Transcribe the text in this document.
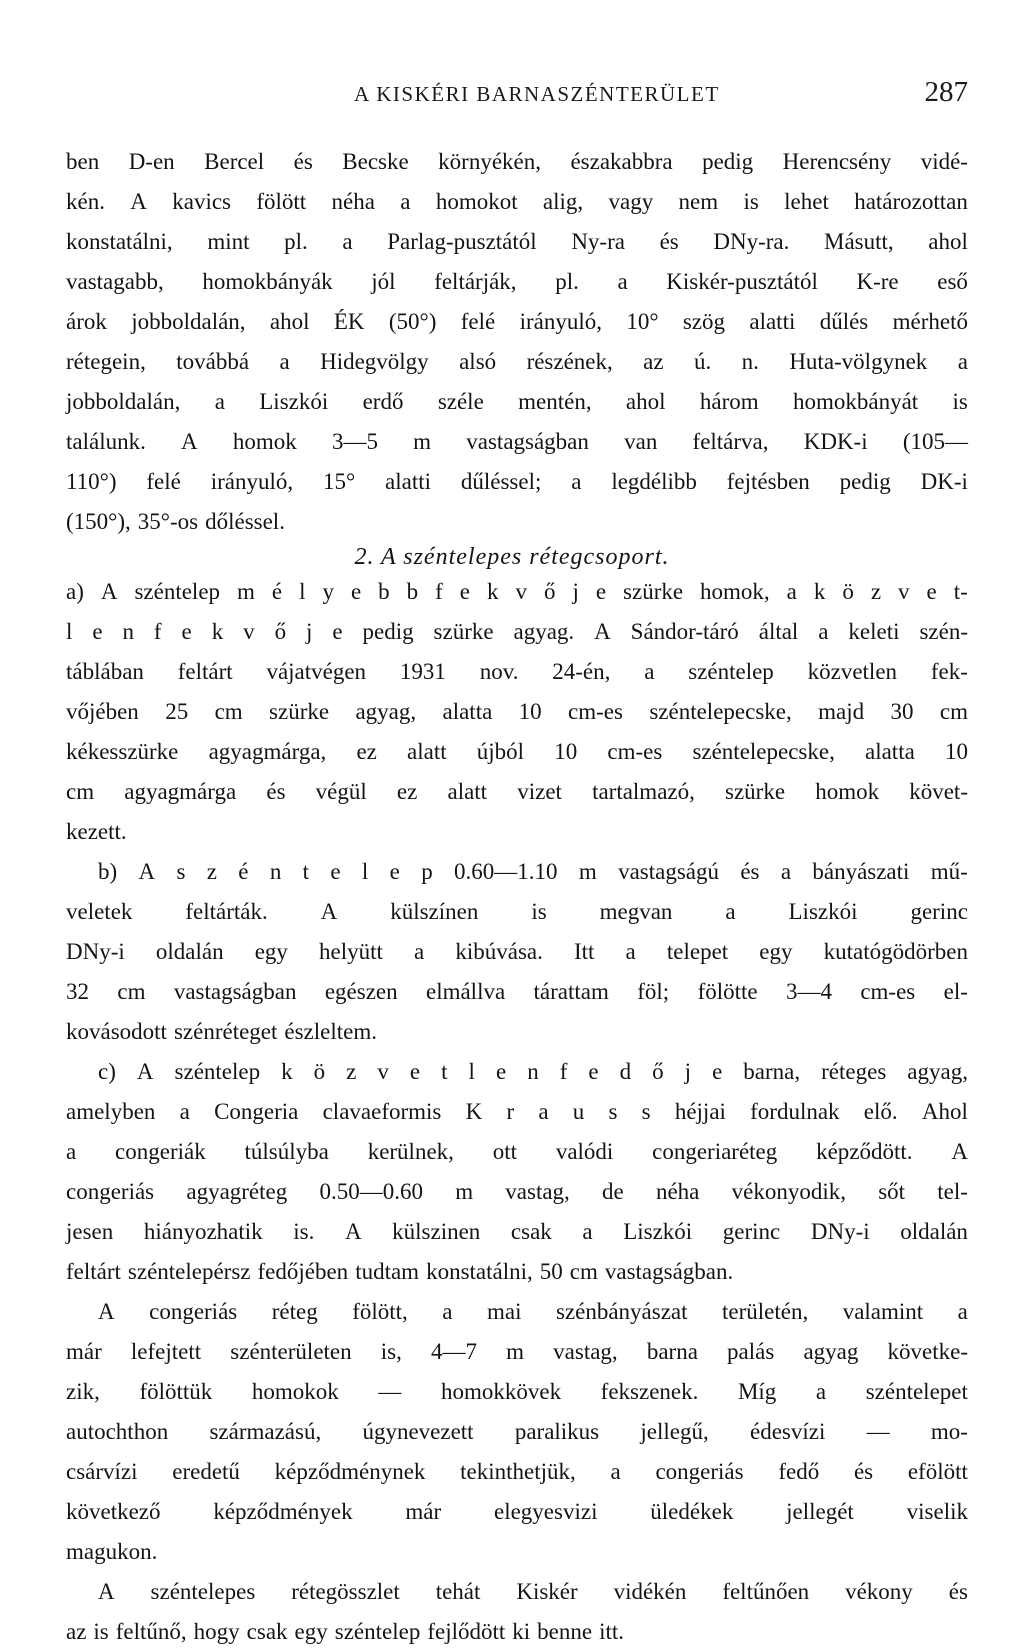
A KISKÉRI BARNASZÉNTERÜLET	287
ben D-en Bercel és Becske környékén, északabbra pedig Herencsény vidé-
kén. A kavics fölött néha a homokot alig, vagy nem is lehet határozottan
konstatálni, mint pl. a Parlag-pusztától Ny-ra és DNy-ra. Másutt, ahol
vastagabb, homokbányák jól feltárják, pl. a Kiskér-pusztától K-re eső
árok jobboldalán, ahol ÉK (50°) felé irányuló, 10° szög alatti dűlés mérhető
rétegein, továbbá a Hidegvölgy alsó részének, az ú. n. Huta-völgynek a
jobboldalán, a Liszkói erdő széle mentén, ahol három homokbányát is
találunk. A homok 3—5 m vastagságban van feltárva, KDK-i (105—
110°) felé irányuló, 15° alatti dűléssel; a legdélibb fejtésben pedig DK-i
(150°), 35°-os dőléssel.
2. A széntelepes rétegcsoport.
a) A széntelep m é l y e b b f e k v ő j e szürke homok, a k ö z v e t-
l e n f e k v ő j e pedig szürke agyag. A Sándor-táró által a keleti szén-
táblában feltárt vájatvégen 1931 nov. 24-én, a széntelep közvetlen fek-
vőjében 25 cm szürke agyag, alatta 10 cm-es széntelepecske, majd 30 cm
kékesszürke agyagmárga, ez alatt újból 10 cm-es széntelepecske, alatta 10
cm agyagmárga és végül ez alatt vizet tartalmazó, szürke homok követ-
kezett.
b) A s z é n t e l e p 0.60—1.10 m vastagságú és a bányászati mű-
veletek feltárták. A külszínen is megvan a Liszkói gerinc
DNy-i oldalán egy helyütt a kibúvása. Itt a telepet egy kutatógödörben
32 cm vastagságban egészen elmállva tárattam föl; fölötte 3—4 cm-es el-
kovásodott szénréteget észleltem.
c) A széntelep k ö z v e t l e n f e d ő j e barna, réteges agyag,
amelyben a Congeria clavaeformis K r a u s s héjjai fordulnak elő. Ahol
a congeriák túlsúlyba kerülnek, ott valódi congeriaréteg képződött. A
congeriás agyagréteg 0.50—0.60 m vastag, de néha vékonyodik, sőt tel-
jesen hiányozhatik is. A külszinen csak a Liszkói gerinc DNy-i oldalán
feltárt széntelepérsz fedőjében tudtam konstatálni, 50 cm vastagságban.
A congeriás réteg fölött, a mai szénbányászat területén, valamint a
már lefejtett szénterületen is, 4—7 m vastag, barna palás agyag követke-
zik, fölöttük homokok — homokkövek fekszenek. Míg a széntelepet
autochthon származású, úgynevezett paralikus jellegű, édesvízi — mo-
csárvízi eredetű képződménynek tekinthetjük, a congeriás fedő és efölött
következő képződmények már elegyesvizi üledékek jellegét viselik
magukon.
A széntelepes rétegösszlet tehát Kiskér vidékén feltűnően vékony és
az is feltűnő, hogy csak egy széntelep fejlődött ki benne itt.
